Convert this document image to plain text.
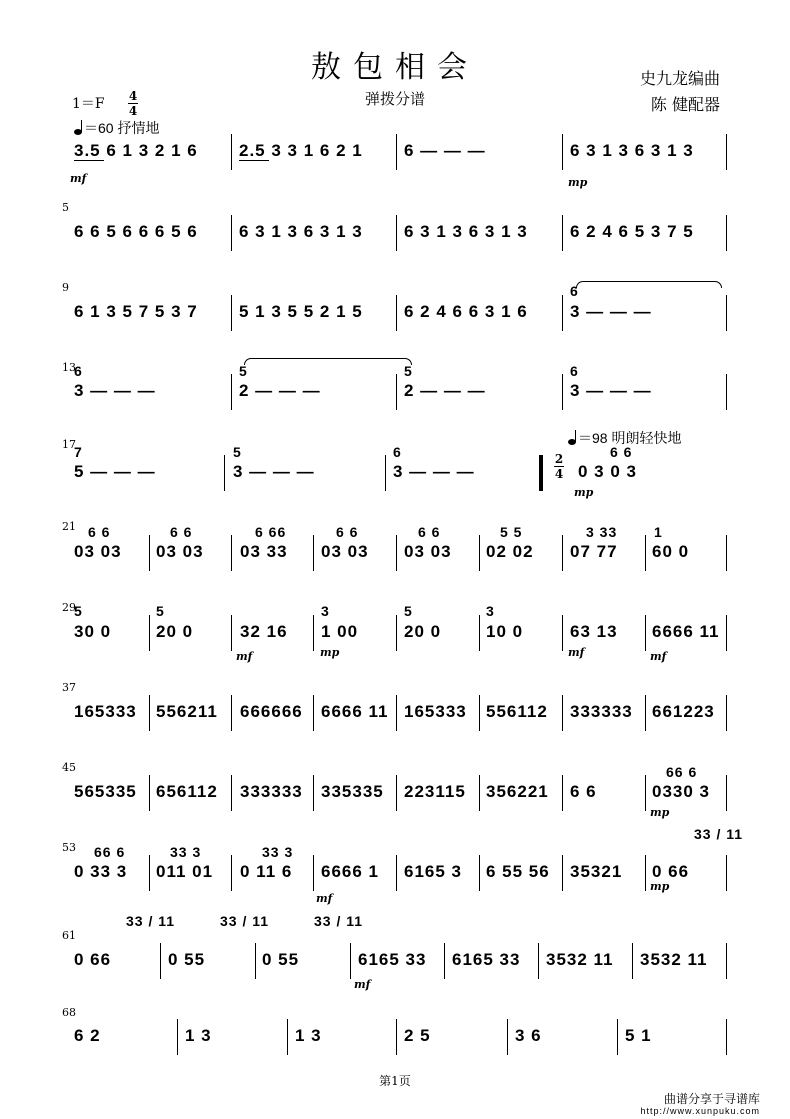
敖包相会
弹拨分谱
史九龙编曲
陈 健配器
1＝F 4
4
＝60 抒情地
3.5 6 1 3 2 1 6 2.5 3 3 1 6 2 1 6 ― ― ―	6 3 1 3 6 3 1 3
mf	mp
5
6 6 5 6 6 6 5 6 6 3 1 3 6 3 1 3 6 3 1 3 6 3 1 3 6 2 4 6 5 3 7 5
9
6 1 3 5 7 5 3 7 5 1 3 5 5 2 1 5 6 2 4 6 6 3 1 6
6
3 ― ― ―
13
6
3 ― ― ―
5
2 ― ― ―
5
2 ― ― ―
6
3 ― ― ―
17
7
5 ― ― ―
5
3 ― ― ―
6
3 ― ― ―
2
4
＝98 明朗轻快地
6 6
0 3 0 3
mp
21 6 6
03 03
6 6
03 03
6 66
03 33
6 6
03 03
6 6
03 03
5 5
02 02
3 33
07 77
1
60 0
29
5
30 0
5
20 0	32 16
mf
3
1 00
mp
5
20 0
3
10 0	63 13
mf
6666 11
mf
37
165333 556211 666666 6666 11 165333 556112 333333 661223
45
565335 656112 333333 335335 223115 356221 6 6
66 6
0330 3
mp
53 66 6
0 33 3
33 3
011 01
33 3
0 11 6 6666 1
mf
6165 3 6 55 56 35321
33 / 11
0 66
mp
61
33 / 11
0 66
33 / 11
0 55
33 / 11
0 55	6165 33
mf
6165 33 3532 11 3532 11
68
6 2	1 3	1 3	2 5	3 6	5 1
第1页
曲谱分享于寻谱库
http://www.xunpuku.com
